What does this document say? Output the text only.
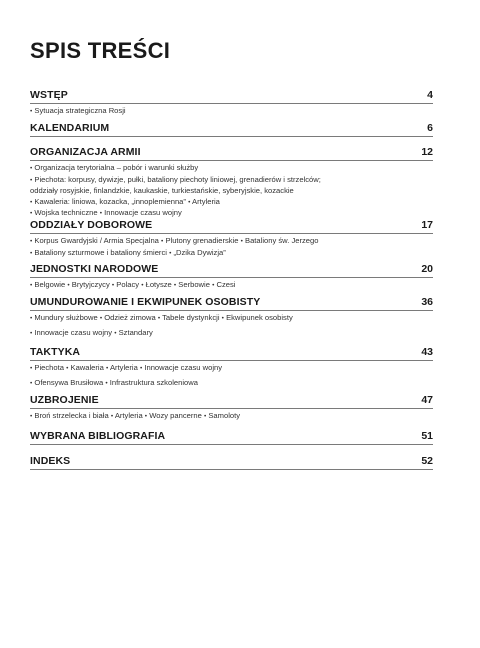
SPIS TREŚCI
WSTĘP	4
• Sytuacja strategiczna Rosji
KALENDARIUM	6
ORGANIZACJA ARMII	12
• Organizacja terytorialna – pobór i warunki służby
• Piechota: korpusy, dywizje, pułki, bataliony piechoty liniowej, grenadierów i strzelców;
oddziały rosyjskie, finlandzkie, kaukaskie, turkiestańskie, syberyjskie, kozackie
• Kawaleria: liniowa, kozacka, „innoplemienna” • Artyleria
• Wojska techniczne • Innowacje czasu wojny
ODDZIAŁY DOBOROWE	17
• Korpus Gwardyjski / Armia Specjalna • Plutony grenadierskie • Bataliony św. Jerzego
• Bataliony szturmowe i bataliony śmierci • „Dzika Dywizja”
JEDNOSTKI NARODOWE	20
• Belgowie • Brytyjczycy • Polacy • Łotysze • Serbowie • Czesi
UMUNDUROWANIE I EKWIPUNEK OSOBISTY	36
• Mundury służbowe • Odzież zimowa • Tabele dystynkcji • Ekwipunek osobisty
• Innowacje czasu wojny • Sztandary
TAKTYKA	43
• Piechota • Kawaleria • Artyleria • Innowacje czasu wojny
• Ofensywa Brusiłowa • Infrastruktura szkoleniowa
UZBROJENIE	47
• Broń strzelecka i biała • Artyleria • Wozy pancerne • Samoloty
WYBRANA BIBLIOGRAFIA	51
INDEKS	52
